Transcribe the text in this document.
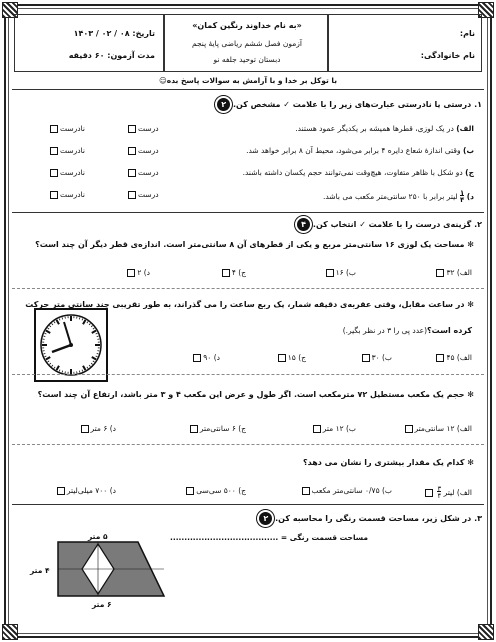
تاریخ: ۰۸ / ۰۲ / ۱۴۰۳
مدت آزمون: ۶۰ دقیقه
«به نام خداوند رنگین کمان»
آزمون فصل ششم ریاضی پایهٔ پنجم
دبستان توحید جلفه نو
نام:
نام خانوادگی:
با توکل بر خدا و با آرامش به سوالات پاسخ بده☺
۱. درستی یا نادرستی عبارت‌های زیر را با علامت ✓ مشخص کن. ۲
الف) در یک لوزی، قطرها همیشه بر یکدیگر عمود هستند.
درست
نادرست
ب) وقتی اندازهٔ شعاع دایره ۴ برابر می‌شود، محیط آن ۸ برابر خواهد شد.
درست
نادرست
ج) دو شکل با ظاهر متفاوت، هیچ‌وقت نمی‌توانند حجم یکسان داشته باشند.
درست
نادرست
د) ۱
۴ لیتر برابر با ۲۵۰ سانتی‌متر مکعب می باشد.
درست
نادرست
۲. گزینه‌ی درست را با علامت ✓ انتخاب کن. ۴
✻ مساحت یک لوزی ۱۶ سانتی‌متر مربع و یکی از قطرهای آن ۸ سانتی‌متر است. اندازه‌ی قطر دیگر آن چند است؟
الف) ۳۲
ب) ۱۶
ج) ۴
د) ۲
✻ در ساعت مقابل، وقتی عقربه‌ی دقیقه شمار، یک ربع ساعت را می گذراند، به طور تقریبی چند سانتی متر حرکت
کرده است؟(عدد پی را ۳ در نظر بگیر.)
الف) ۴۵
ب) ۳۰
ج) ۱۵
د) ۹۰
✻ حجم یک مکعب مستطیل ۷۲ مترمکعب است. اگر طول و عرض این مکعب ۴ و ۳ متر باشد، ارتفاع آن چند است؟
الف) ۱۲ سانتی‌متر
ب) ۱۲ متر
ج) ۶ سانتی‌متر
د) ۶ متر
✻ کدام یک مقدار بیشتری را نشان می دهد؟
الف) لیتر ۳
۴
ب) ۰/۷۵ سانتی‌متر مکعب
ج) ۵۰۰ سی‌سی
د) ۷۰۰ میلی‌لیتر
۳. در شکل زیر، مساحت قسمت رنگی را محاسبه کن. ۲
مساحت قسمت رنگی = ......................................
۵ متر
۴ متر
۶ متر
